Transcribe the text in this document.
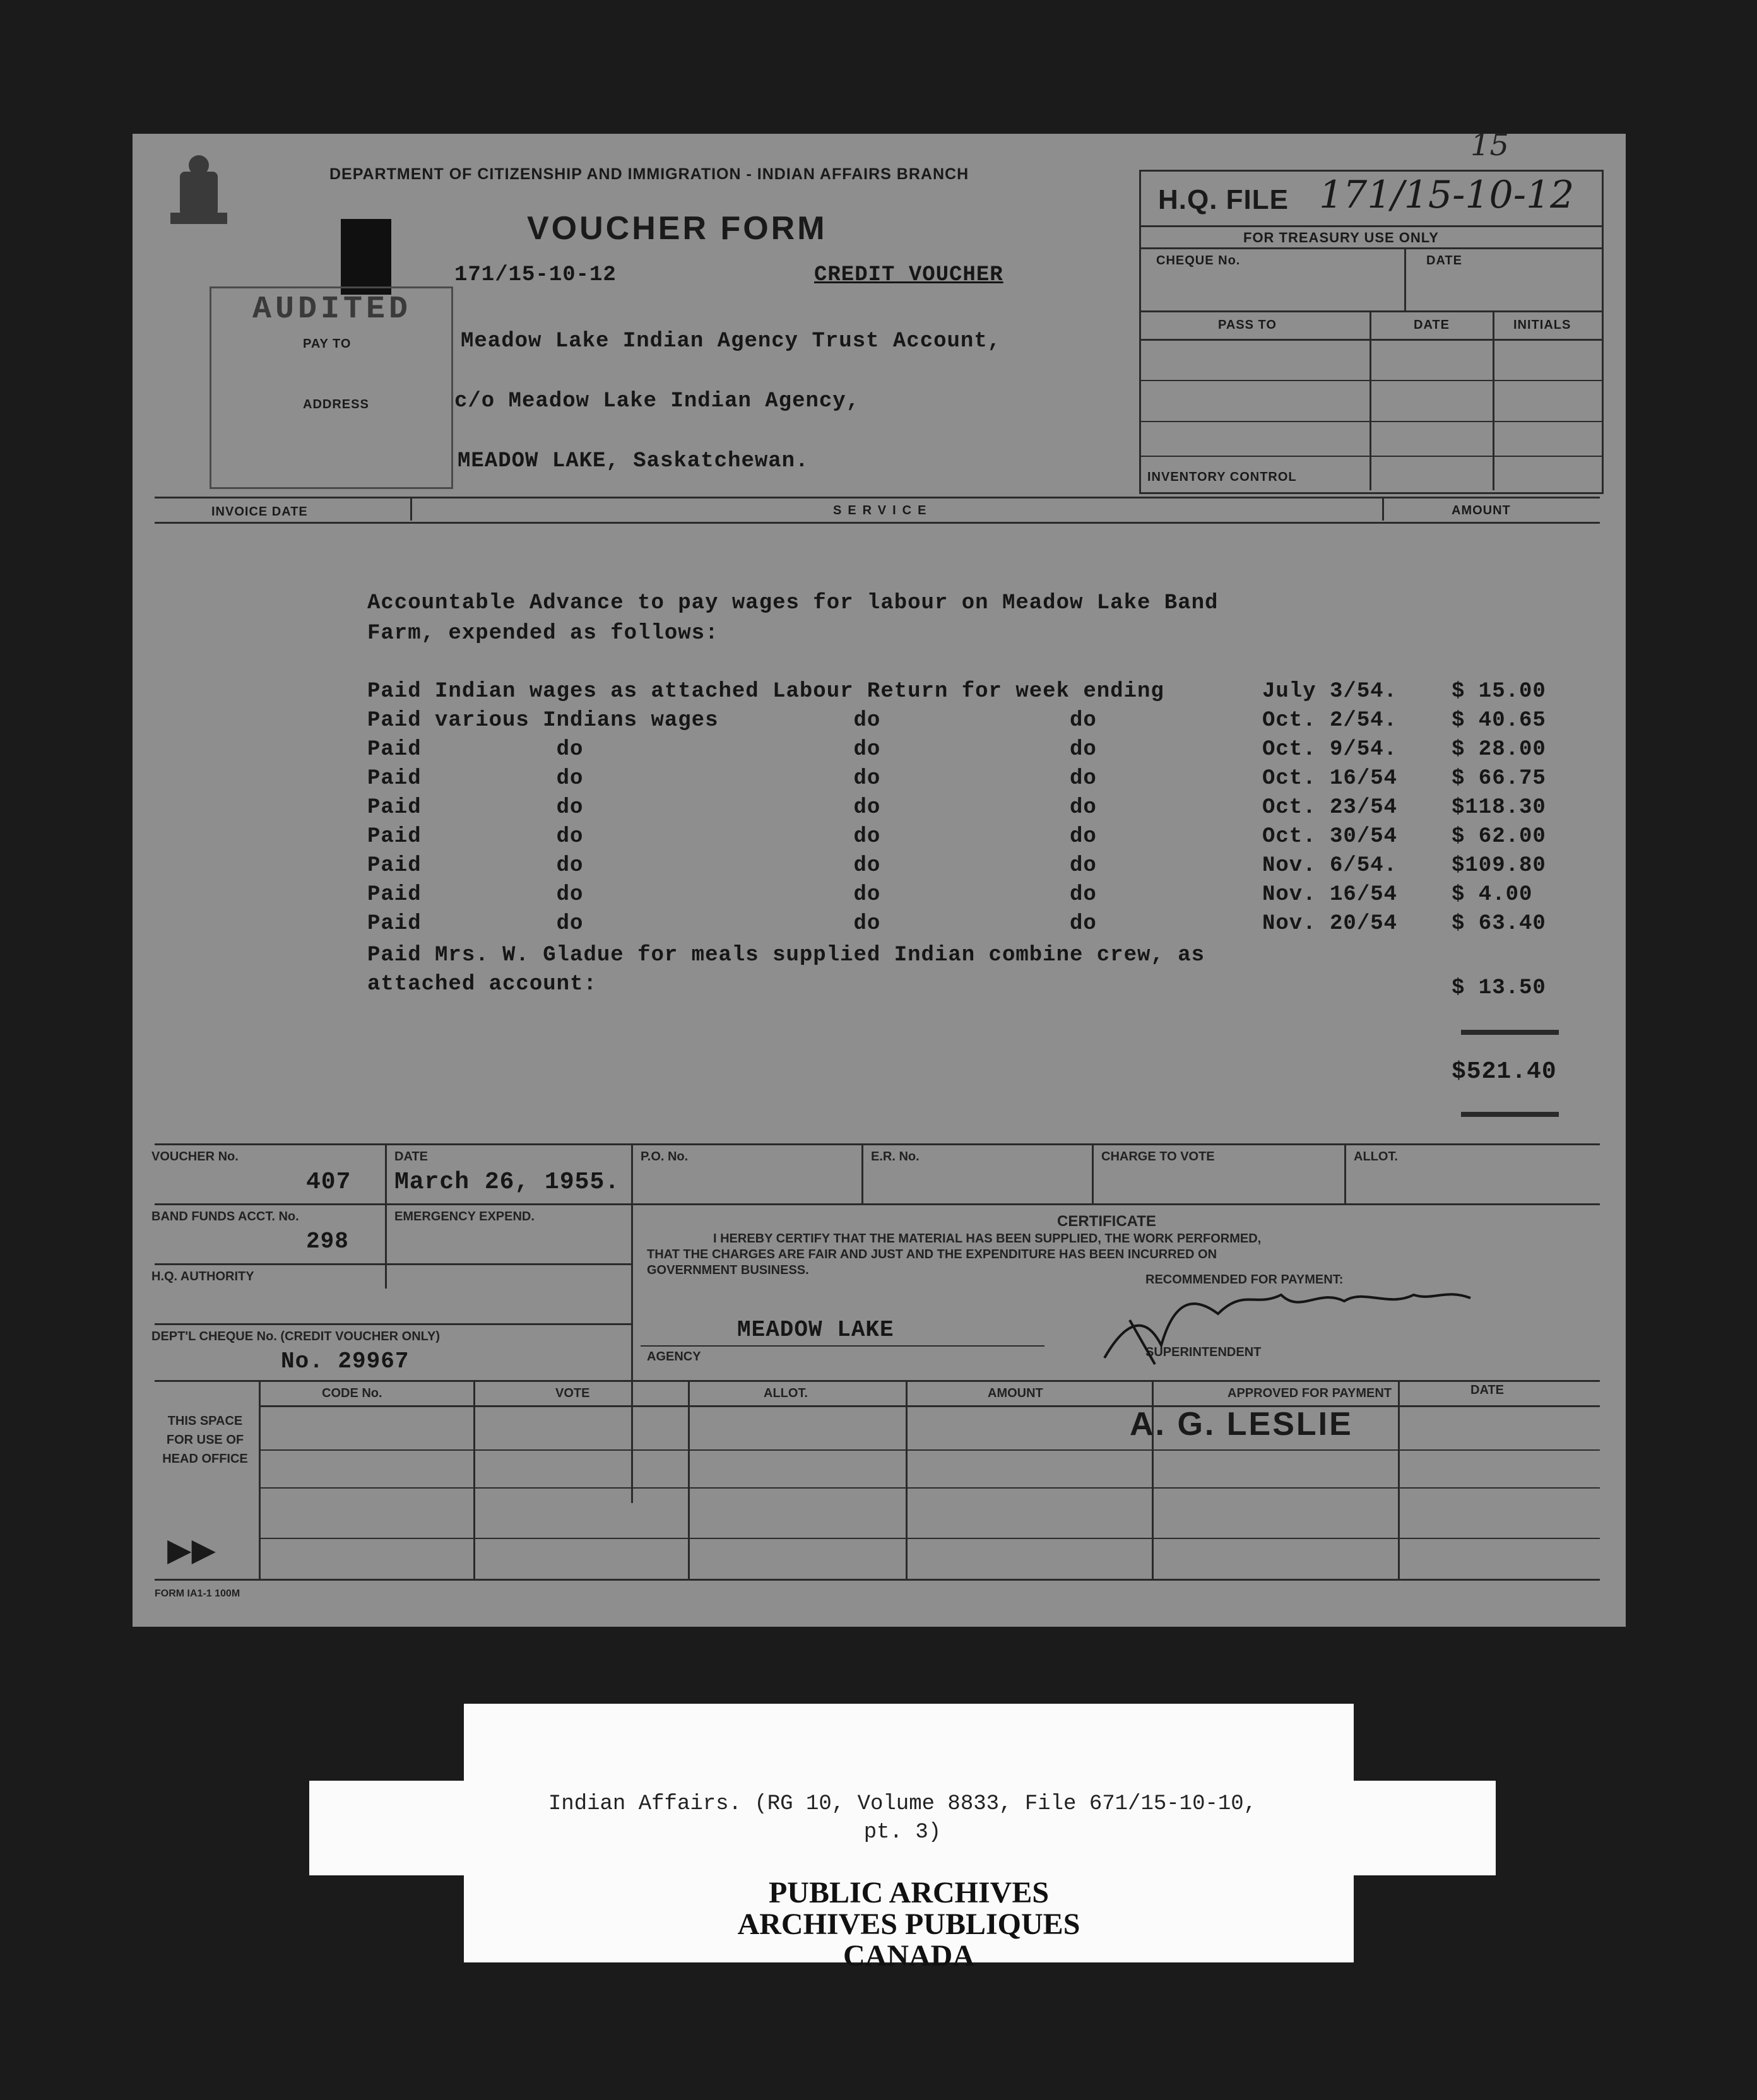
DEPARTMENT OF CITIZENSHIP AND IMMIGRATION - INDIAN AFFAIRS BRANCH
VOUCHER FORM
15
H.Q. FILE 171/15-10-12
FOR TREASURY USE ONLY
CHEQUE No.	DATE
PASS TO	DATE	INITIALS
INVENTORY CONTROL
171/15-10-12	CREDIT VOUCHER
AUDITED
PAY TO	Meadow Lake Indian Agency Trust Account,
ADDRESS	c/o Meadow Lake Indian Agency,
MEADOW LAKE, Saskatchewan.
INVOICE DATE	SERVICE	AMOUNT
Accountable Advance to pay wages for labour on Meadow Lake Band
Farm, expended as follows:
Paid Indian wages as attached Labour Return for week ending	July 3/54.	$ 15.00
Paid various Indians wages          do              do	Oct. 2/54.	$ 40.65
Paid          do                    do              do	Oct. 9/54.	$ 28.00
Paid          do                    do              do	Oct. 16/54	$ 66.75
Paid          do                    do              do	Oct. 23/54	$118.30
Paid          do                    do              do	Oct. 30/54	$ 62.00
Paid          do                    do              do	Nov. 6/54.	$109.80
Paid          do                    do              do	Nov. 16/54	$ 4.00
Paid          do                    do              do	Nov. 20/54	$ 63.40
Paid Mrs. W. Gladue for meals supplied Indian combine crew, as
attached account:	$ 13.50
$521.40
VOUCHER No.
407
DATE
March 26, 1955.
P.O. No.	E.R. No.	CHARGE TO VOTE	ALLOT.
BAND FUNDS ACCT. No.
298
EMERGENCY EXPEND.	CERTIFICATE
I HEREBY CERTIFY THAT THE MATERIAL HAS BEEN SUPPLIED, THE WORK PERFORMED,
THAT THE CHARGES ARE FAIR AND JUST AND THE EXPENDITURE HAS BEEN INCURRED ON
GOVERNMENT BUSINESS.
RECOMMENDED FOR PAYMENT:
H.Q. AUTHORITY
DEPT'L CHEQUE No. (CREDIT VOUCHER ONLY)
No. 29967
MEADOW LAKE
AGENCY	SUPERINTENDENT
THIS SPACE FOR USE OF HEAD OFFICE
▶▶
CODE No.	VOTE	ALLOT.	AMOUNT	APPROVED FOR PAYMENT	DATE
A. G. LESLIE
FORM IA1-1 100M
Indian Affairs. (RG 10, Volume 8833, File 671/15-10-10,
pt. 3)
PUBLIC ARCHIVES
ARCHIVES PUBLIQUES
CANADA
